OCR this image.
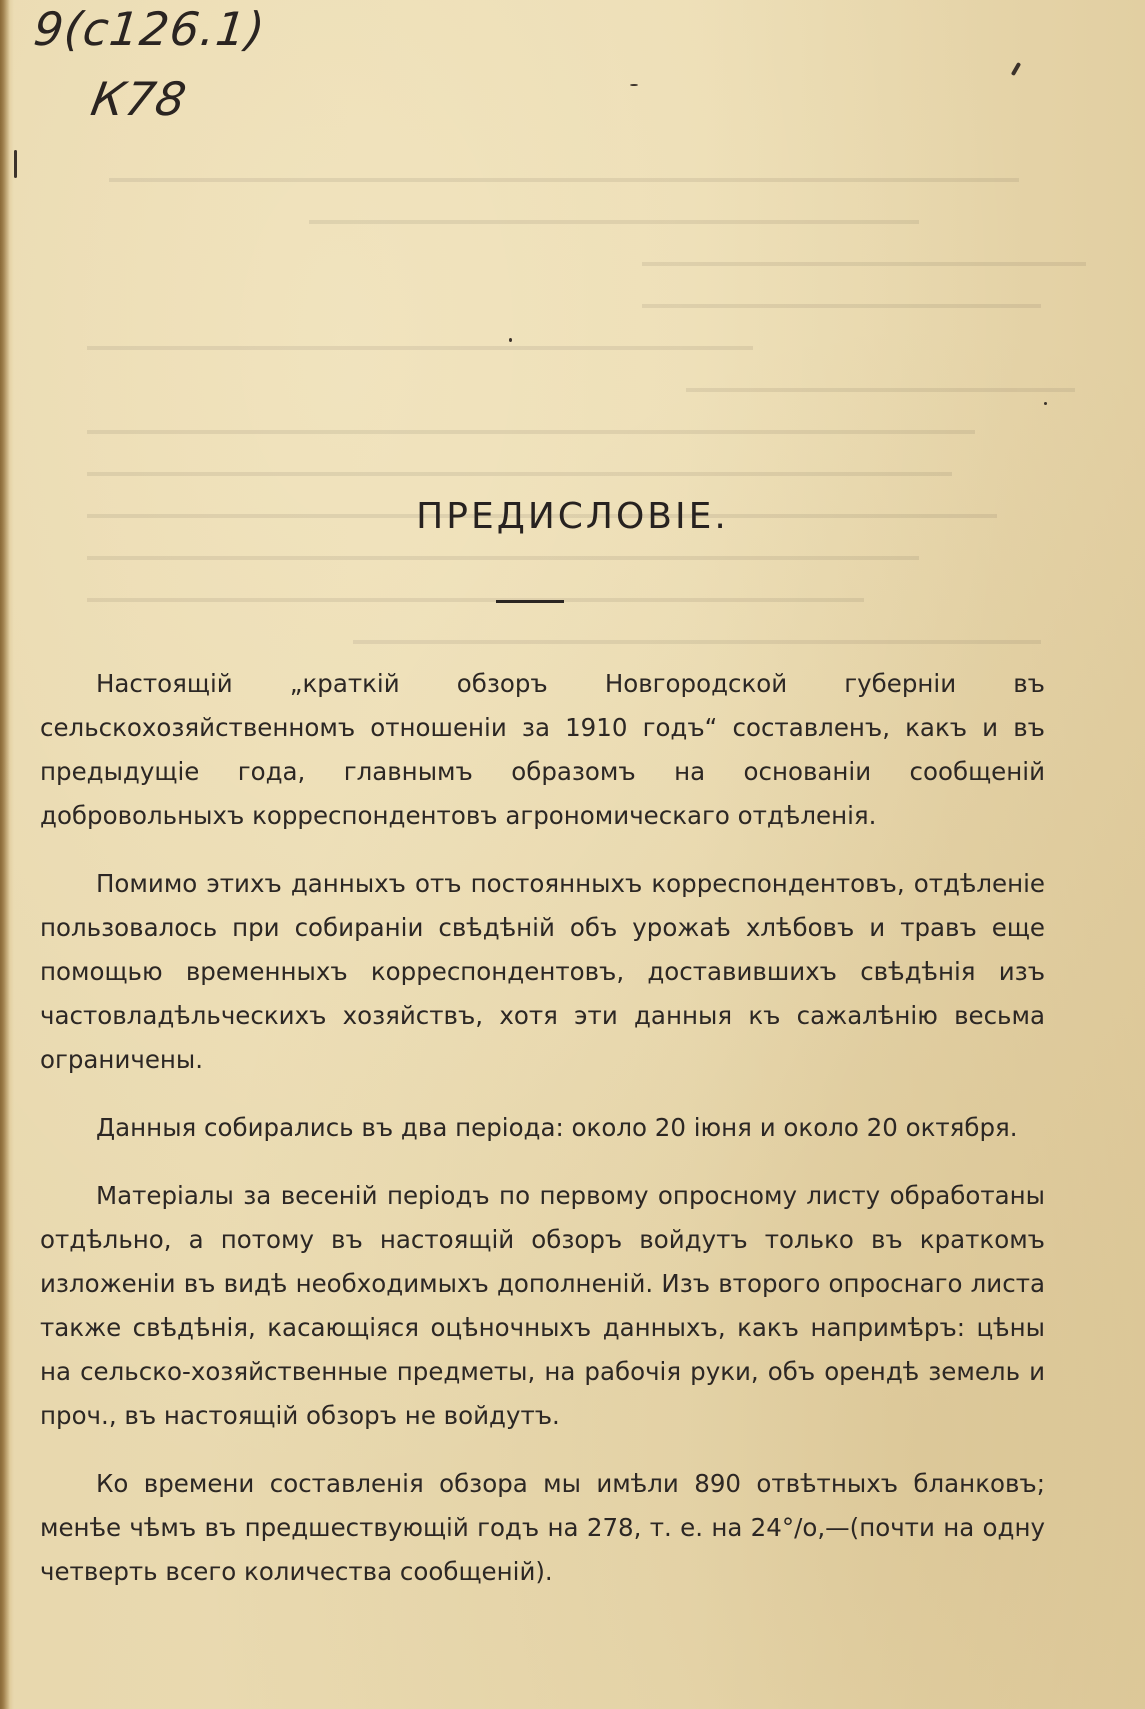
9(с126.1)
К78
ПРЕДИСЛОВІЕ.

Настоящій „краткій обзоръ Новгородской губерніи въ сельскохозяйственномъ отношеніи за 1910 годъ“ составленъ, какъ и въ предыдущіе года, главнымъ образомъ на основаніи сообщеній добровольныхъ корреспондентовъ агрономическаго отдѣленія.

Помимо этихъ данныхъ отъ постоянныхъ корреспондентовъ, отдѣленіе пользовалось при собираніи свѣдѣній объ урожаѣ хлѣбовъ и травъ еще помощью временныхъ корреспондентовъ, доставившихъ свѣдѣнія изъ частовладѣльческихъ хозяйствъ, хотя эти данныя къ сажалѣнію весьма ограничены.

Данныя собирались въ два періода: около 20 іюня и около 20 октября.

Матеріалы за весеній періодъ по первому опросному листу обработаны отдѣльно, а потому въ настоящій обзоръ войдутъ только въ краткомъ изложеніи въ видѣ необходимыхъ дополненій. Изъ второго опроснаго листа также свѣдѣнія, касающіяся оцѣночныхъ данныхъ, какъ напримѣръ: цѣны на сельско-хозяйственные предметы, на рабочія руки, объ орендѣ земель и проч., въ настоящій обзоръ не войдутъ.

Ко времени составленія обзора мы имѣли 890 отвѣтныхъ бланковъ; менѣе чѣмъ въ предшествующій годъ на 278, т. е. на 24°/о,—(почти на одну четверть всего количества сообщеній).
